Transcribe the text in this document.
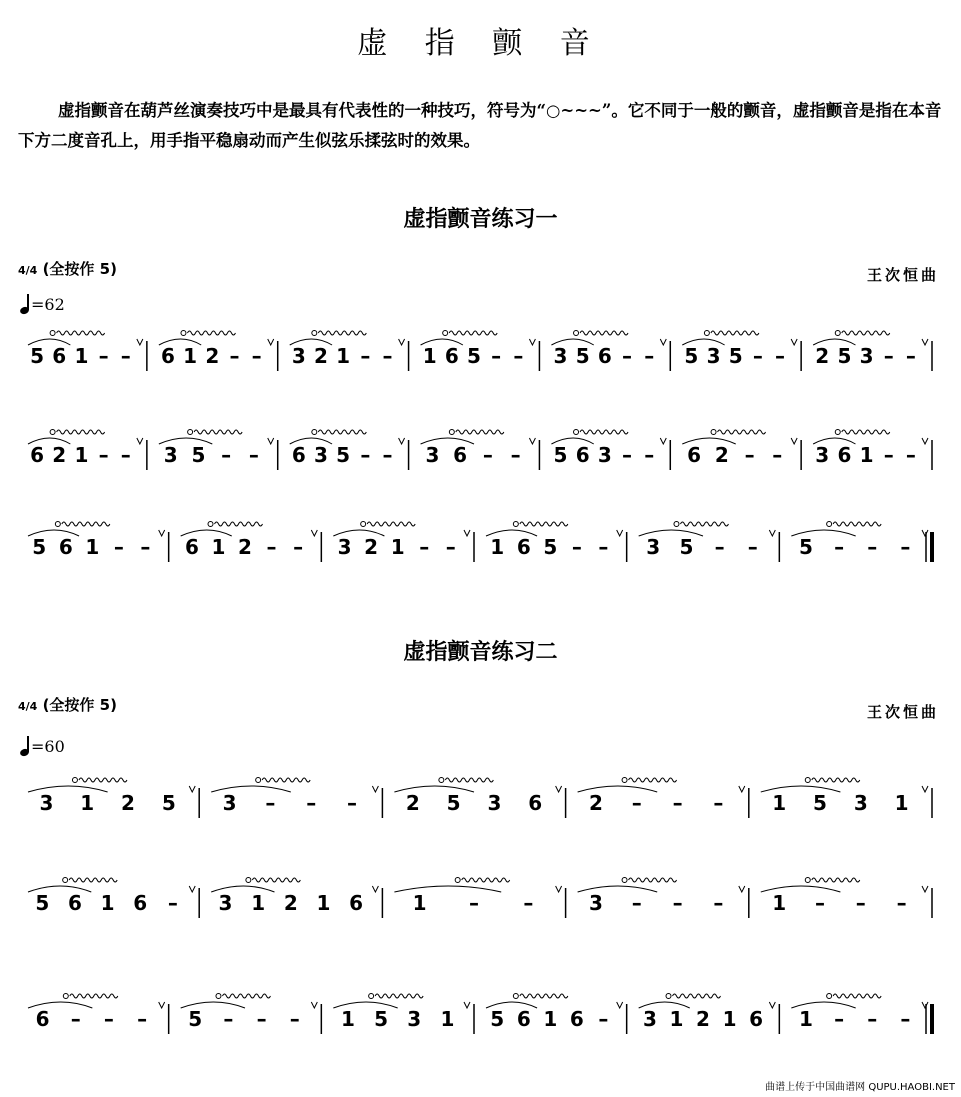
虚 指 颤 音
虚指颤音在葫芦丝演奏技巧中是最具有代表性的一种技巧，符号为“○~~~”。它不同于一般的颤音，虚指颤音是指在本音下方二度音孔上，用手指平稳扇动而产生似弦乐揉弦时的效果。
虚指颤音练习一
4/4 (全按作 5)	王次恒曲
=62
虚指颤音练习二
4/4 (全按作 5)	王次恒曲
=60
5 6 1 – – 6 1 2 – – 3 2 1 – – 1 6 5 – – 3 5 6 – – 5 3 5 – – 2 5 3 – –
6 2 1 – – 3 5 – – 6 3 5 – – 3 6 – – 5 6 3 – – 6 2 – – 3 6 1 – –
5 6 1 – – 6 1 2 – – 3 2 1 – – 1 6 5 – – 3 5 – – 5 – – –
3 1 2 5 3 – – – 2 5 3 6 2 – – – 1 5 3 1
5 6 1 6 – 3 1 2 1 6 1 – –	3 – – – 1 – – –
6 – – – 5 – – – 1 5 3 1 5 6 1 6 – 3 1 2 1 6 1 – – –
曲谱上传于中国曲谱网 QUPU.HAOBI.NET
